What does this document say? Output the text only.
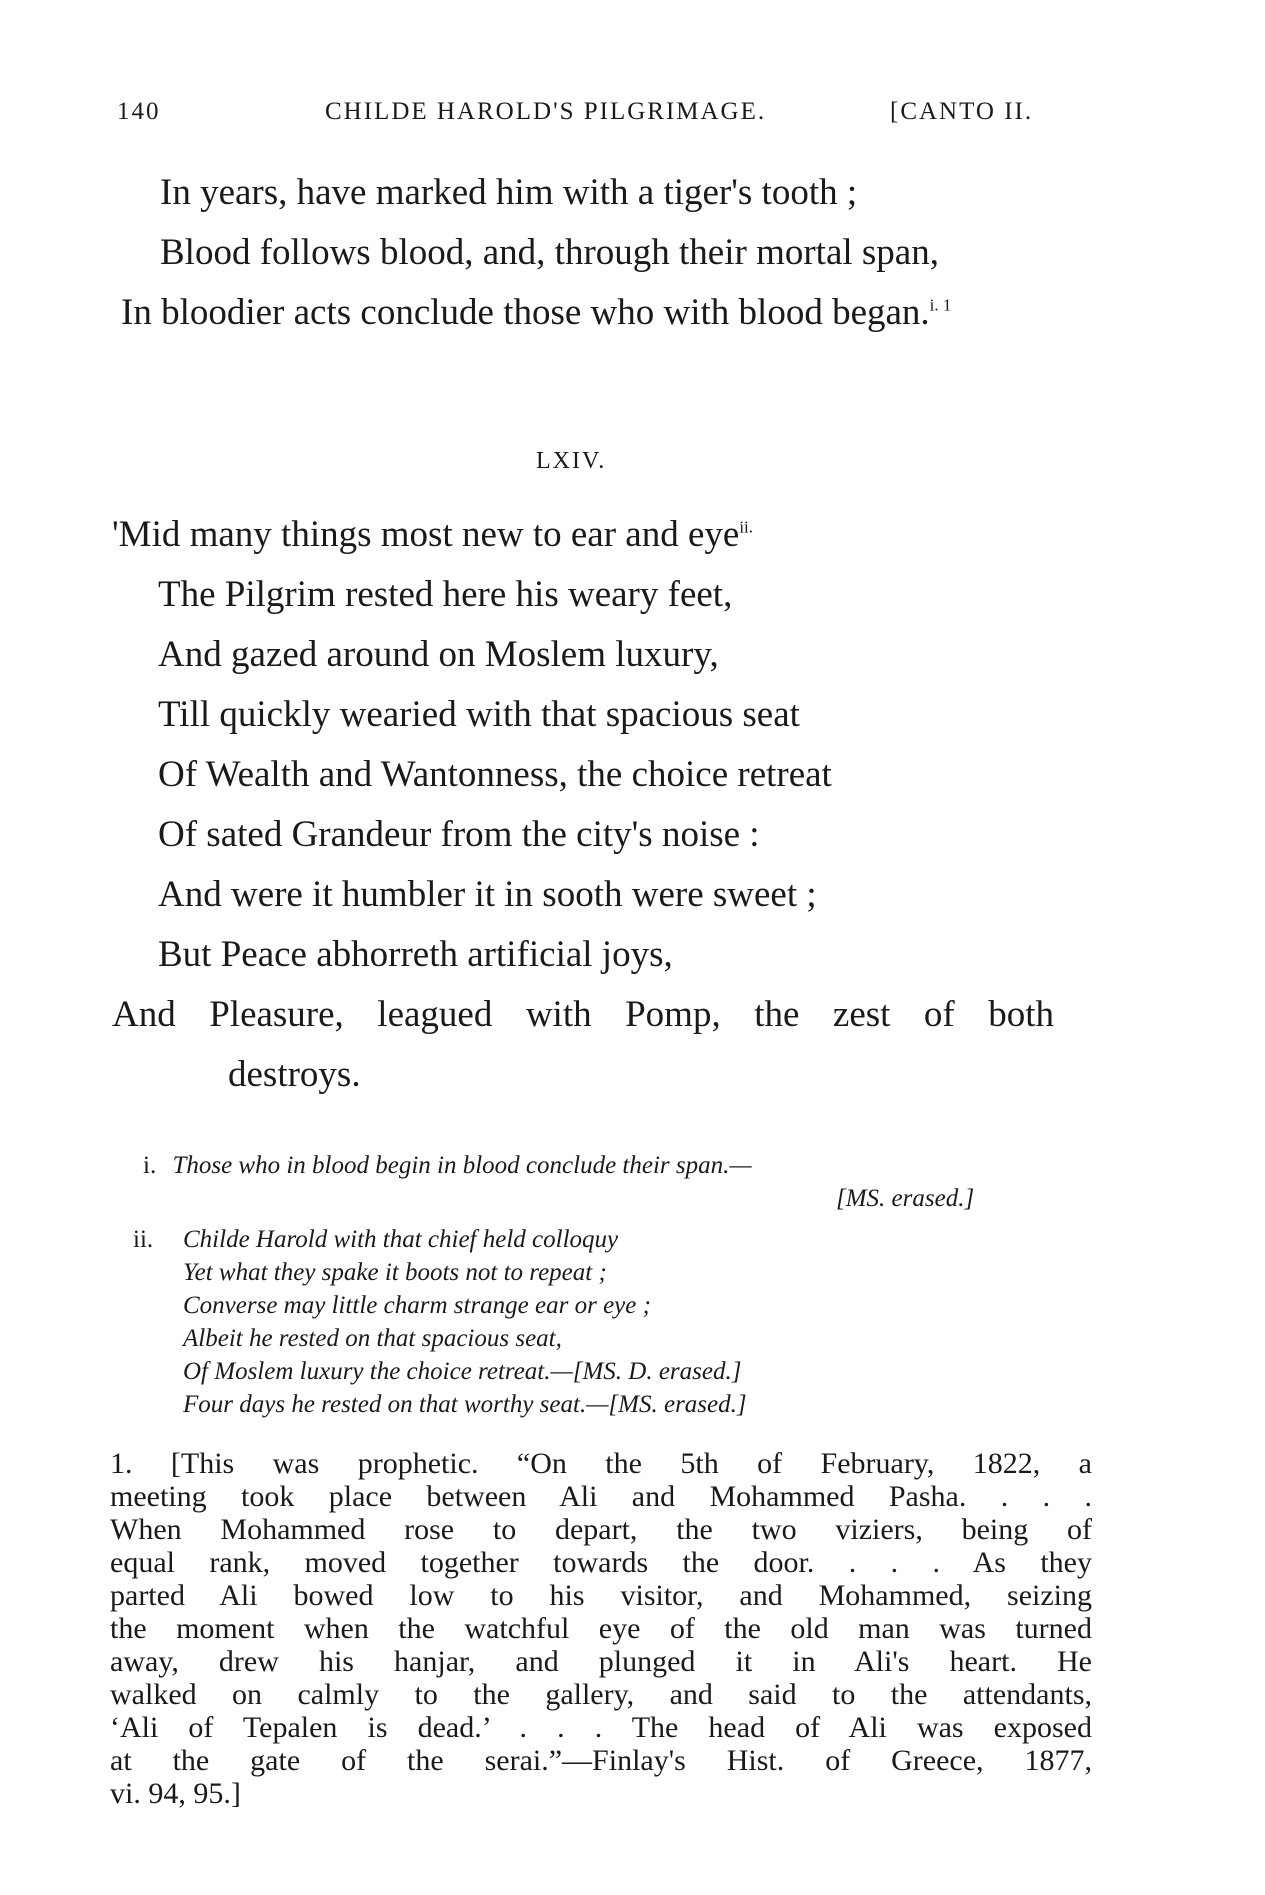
140	CHILDE HAROLD'S PILGRIMAGE.	[CANTO II.
In years, have marked him with a tiger's tooth ;
Blood follows blood, and, through their mortal span,
In bloodier acts conclude those who with blood began.$^{i. 1}$
LXIV.
'Mid many things most new to ear and eye$^{ii.}$
The Pilgrim rested here his weary feet,
And gazed around on Moslem luxury,
Till quickly wearied with that spacious seat
Of Wealth and Wantonness, the choice retreat
Of sated Grandeur from the city's noise :
And were it humbler it in sooth were sweet ;
But Peace abhorreth artificial joys,
And Pleasure, leagued with Pomp, the zest of both
destroys.
i. Those who in blood begin in blood conclude their span.—
[MS. erased.]
ii. Childe Harold with that chief held colloquy
Yet what they spake it boots not to repeat ;
Converse may little charm strange ear or eye ;
Albeit he rested on that spacious seat,
Of Moslem luxury the choice retreat.—[MS. D. erased.]
Four days he rested on that worthy seat.—[MS. erased.]
1. [This was prophetic. “On the 5th of February, 1822, a
meeting took place between Ali and Mohammed Pasha. . . .
When Mohammed rose to depart, the two viziers, being of
equal rank, moved together towards the door. . . . As they
parted Ali bowed low to his visitor, and Mohammed, seizing
the moment when the watchful eye of the old man was turned
away, drew his hanjar, and plunged it in Ali's heart. He
walked on calmly to the gallery, and said to the attendants,
‘Ali of Tepalen is dead.’ . . . The head of Ali was exposed
at the gate of the serai.”—Finlay's Hist. of Greece, 1877,
vi. 94, 95.]
